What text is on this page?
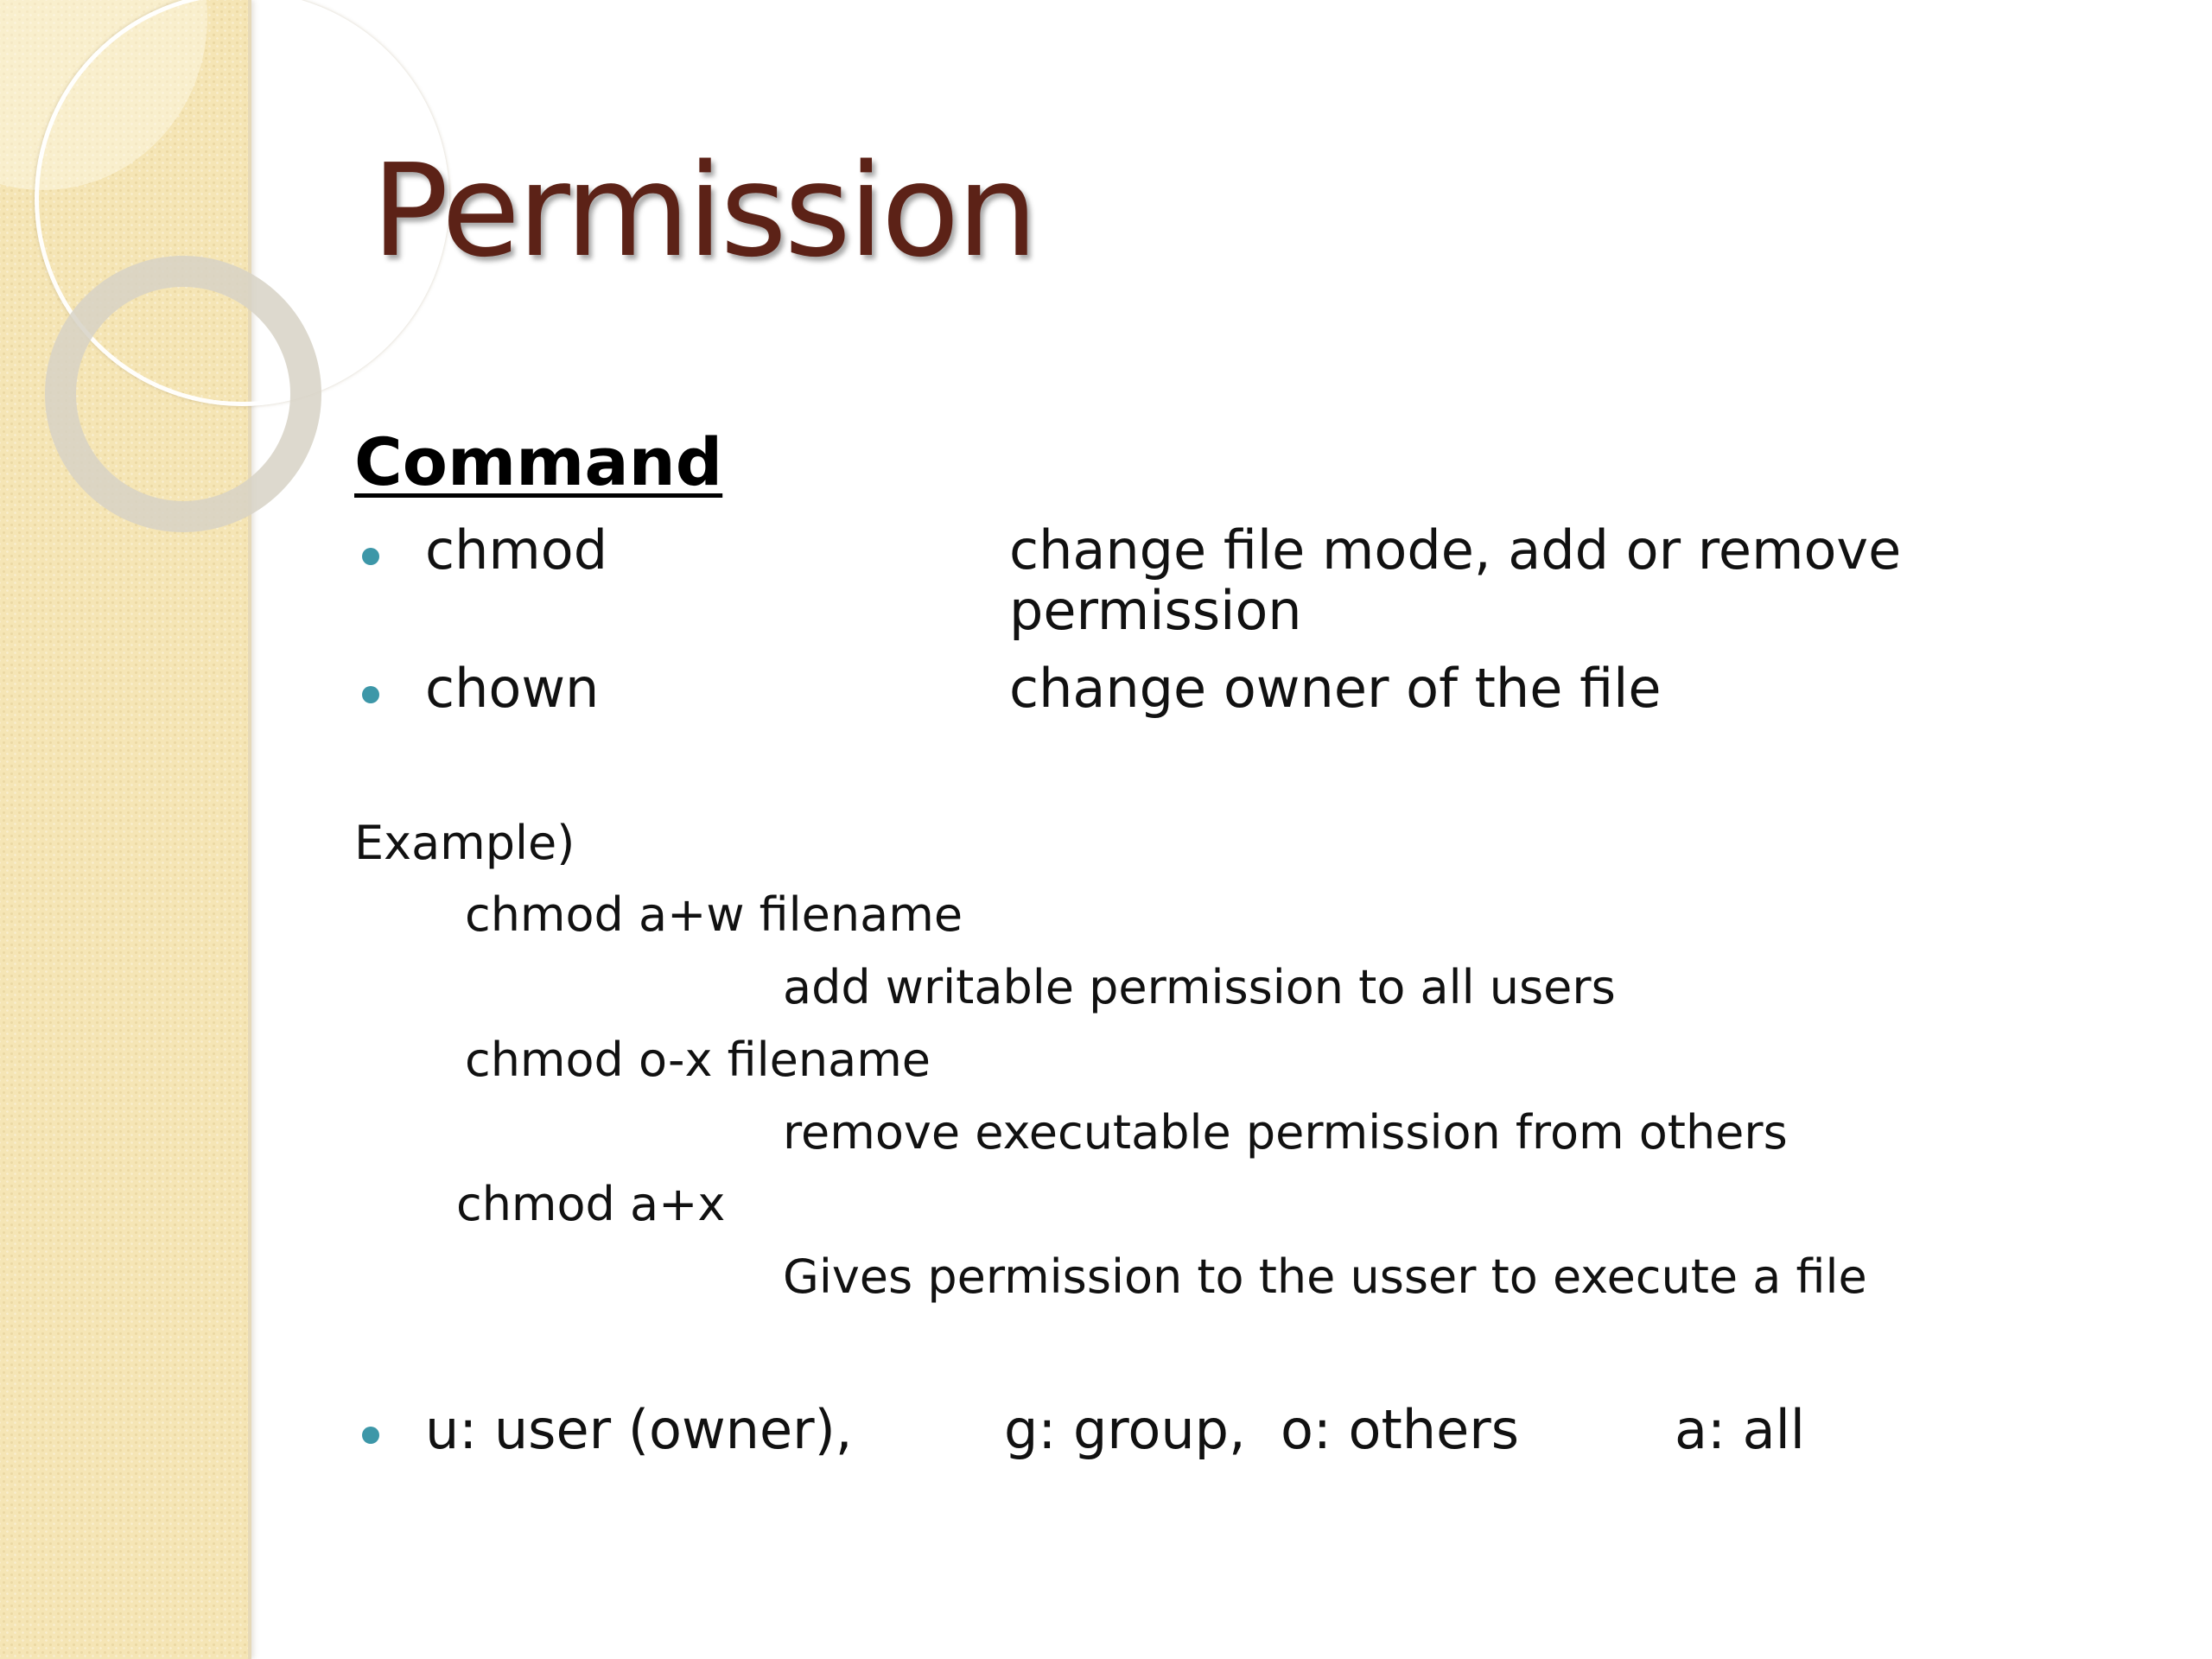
Permission
Command
chmod	change file mode, add or remove
permission
chown	change owner of the file
Example)
chmod a+w filename
add writable permission to all users
chmod o-x filename
remove executable permission from others
chmod a+x
Gives permission to the usser to execute a file
u: user (owner),	g: group, o: others	a: all
